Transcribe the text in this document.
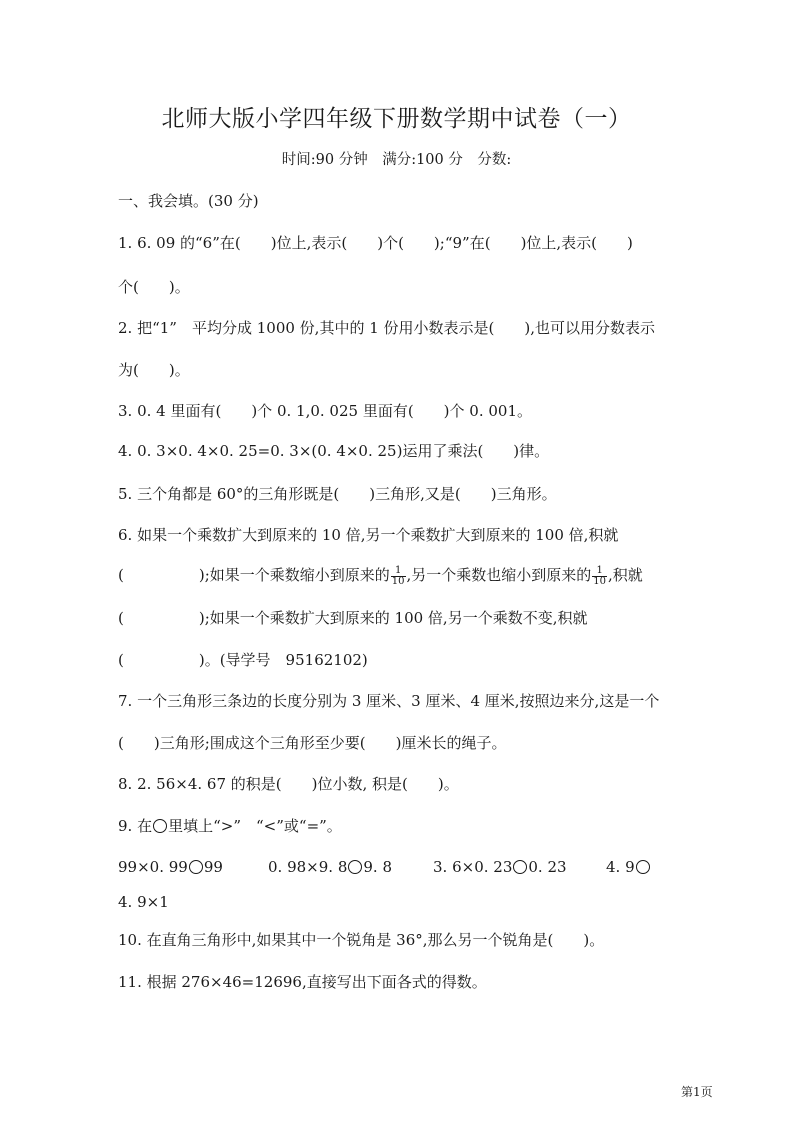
北师大版小学四年级下册数学期中试卷（一）
时间:90 分钟　满分:100 分　分数:
一、我会填。(30 分)
1. 6. 09 的“6”在(　　)位上,表示(　　)个(　　);“9”在(　　)位上,表示(　　)
个(　　)。
2. 把“1”　平均分成 1000 份,其中的 1 份用小数表示是(　　),也可以用分数表示
为(　　)。
3. 0. 4 里面有(　　)个 0. 1,0. 025 里面有(　　)个 0. 001。
4. 0. 3×0. 4×0. 25=0. 3×(0. 4×0. 25)运用了乘法(　　)律。
5. 三个角都是 60°的三角形既是(　　)三角形,又是(　　)三角形。
6. 如果一个乘数扩大到原来的 10 倍,另一个乘数扩大到原来的 100 倍,积就
(　　　　　);如果一个乘数缩小到原来的 $\frac{1}{10}$ ,另一个乘数也缩小到原来的 $\frac{1}{10}$ ,积就
(　　　　　);如果一个乘数扩大到原来的 100 倍,另一个乘数不变,积就
(　　　　　)。(导学号　95162102)
7. 一个三角形三条边的长度分别为 3 厘米、3 厘米、4 厘米,按照边来分,这是一个
(　　)三角形;围成这个三角形至少要(　　)厘米长的绳子。
8. 2. 56×4. 67 的积是(　　)位小数, 积是(　　)。
9. 在 里填上“>”　“<”或“=”。
99×0. 99 99	0. 98×9. 8 9. 8	3. 6×0. 23 0. 23	4. 9
4. 9×1
10. 在直角三角形中,如果其中一个锐角是 36°,那么另一个锐角是(　　)。
11. 根据 276×46=12696,直接写出下面各式的得数。
第1页
